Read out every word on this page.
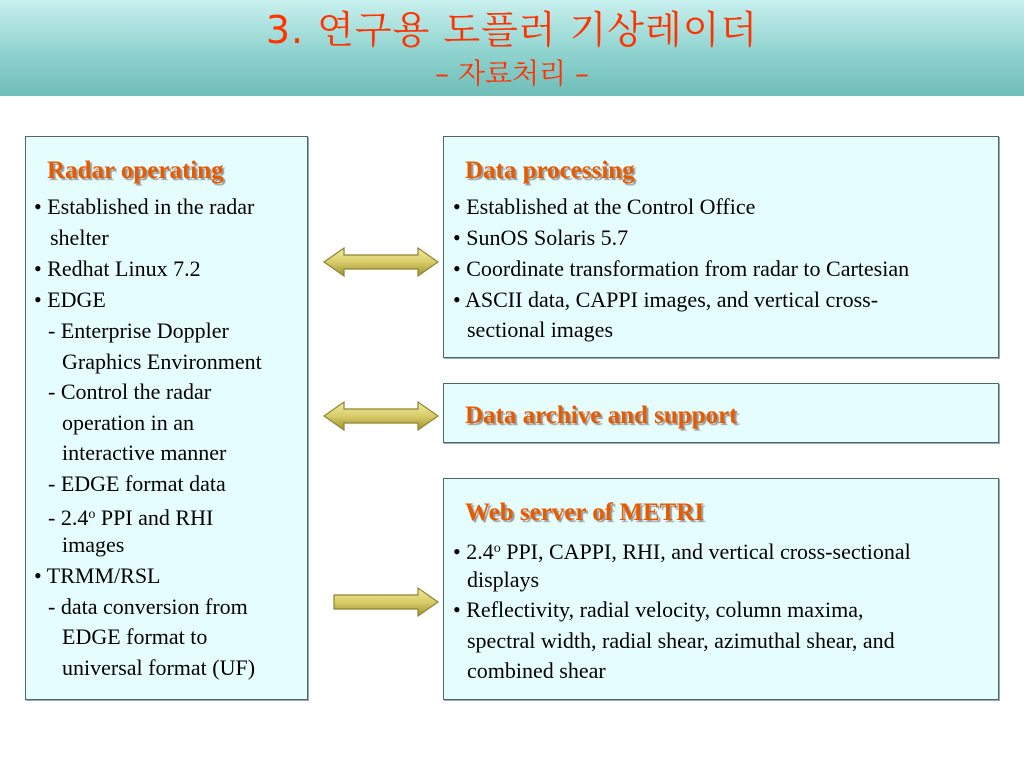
3. 연구용 도플러 기상레이더
– 자료처리 –
Radar operating
• Established in the radar
shelter
• Redhat Linux 7.2
• EDGE
- Enterprise Doppler
Graphics Environment
- Control the radar
operation in an
interactive manner
- EDGE format data
- 2.4$^o$ PPI and RHI
images
• TRMM/RSL
- data conversion from
EDGE format to
universal format (UF)
Data processing
• Established at the Control Office
• SunOS Solaris 5.7
• Coordinate transformation from radar to Cartesian
• ASCII data, CAPPI images, and vertical cross-
sectional images
Data archive and support
Web server of METRI
• 2.4$^o$ PPI, CAPPI, RHI, and vertical cross-sectional
displays
• Reflectivity, radial velocity, column maxima,
spectral width, radial shear, azimuthal shear, and
combined shear
